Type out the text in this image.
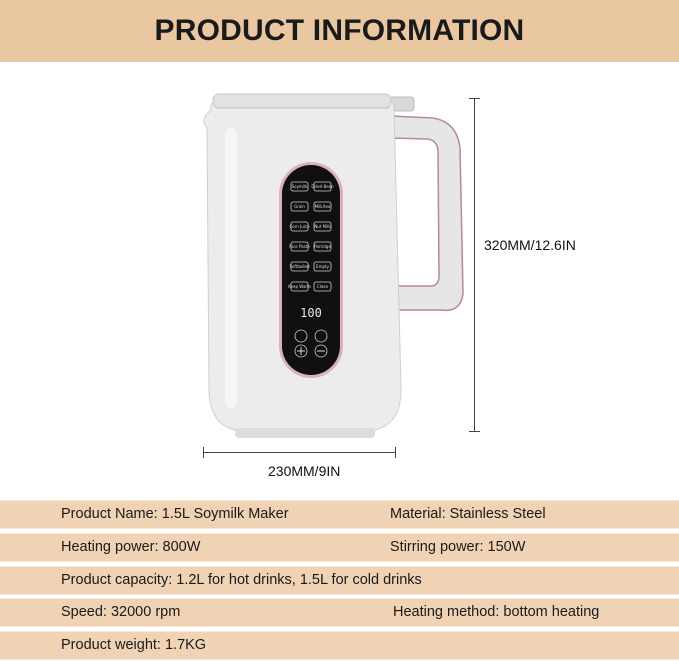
PRODUCT INFORMATION
100
Soymilk Dried Bean
Grain Milk/tea
Corn Juice Nut Milk
Rice Paste Porridge
Softboiled Empty
Keep Warm Clean
320MM/12.6IN
230MM/9IN
Product Name: 1.5L Soymilk Maker	Material: Stainless Steel
Heating power: 800W	Stirring power: 150W
Product capacity: 1.2L for hot drinks, 1.5L for cold drinks
Speed: 32000 rpm	Heating method: bottom heating
Product weight: 1.7KG
